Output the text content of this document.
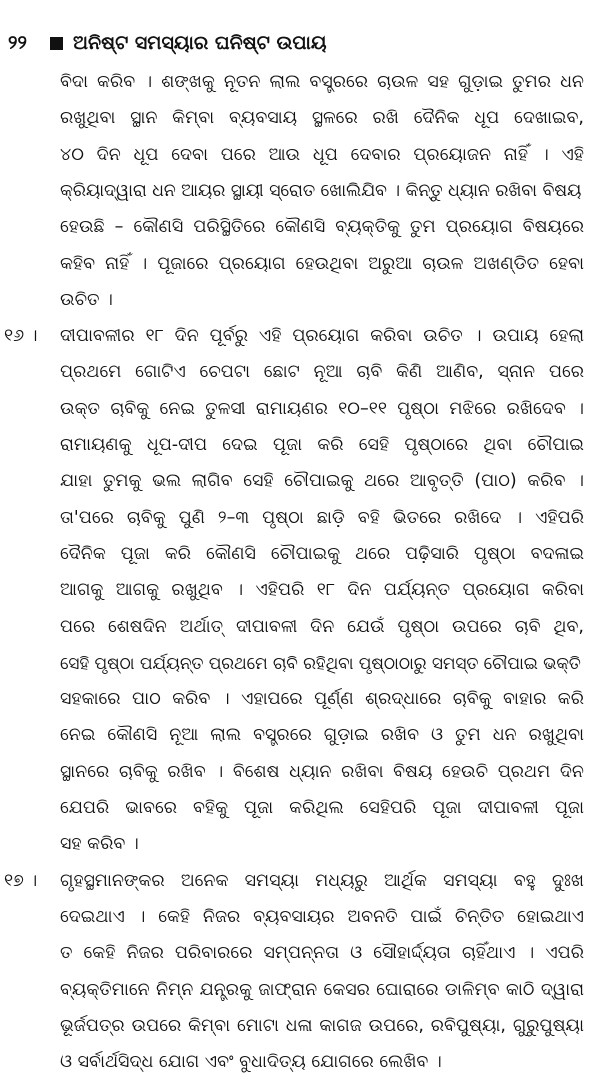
୨୨ ଅନିଷ୍ଟ ସମସ୍ୟାର ଘନିଷ୍ଟ ଉପାୟ
ବିଦା କରିବ । ଶଙ୍ଖକୁ ନୂତନ ଲାଲ ବସ୍ତ୍ରରେ ଚାଉଳ ସହ ଗୁଡ଼ାଇ ତୁମର ଧନ
ରଖୁଥିବା ସ୍ଥାନ କିମ୍ବା ବ୍ୟବସାୟ ସ୍ଥଳରେ ରଖି ଦୈନିକ ଧୂପ ଦେଖାଇବ,
୪୦ ଦିନ ଧୂପ ଦେବା ପରେ ଆଉ ଧୂପ ଦେବାର ପ୍ରୟୋଜନ ନାହିଁ । ଏହି
କ୍ରିୟାଦ୍ୱାରା ଧନ ଆୟର ସ୍ଥାୟୀ ସ୍ରୋତ ଖୋଲିଯିବ । କିନ୍ତୁ ଧ୍ୟାନ ରଖିବା ବିଷୟ
ହେଉଛି – କୌଣସି ପରିସ୍ଥିତିରେ କୌଣସି ବ୍ୟକ୍ତିକୁ ତୁମ ପ୍ରୟୋଗ ବିଷୟରେ
କହିବ ନାହିଁ । ପୂଜାରେ ପ୍ରୟୋଗ ହେଉଥିବା ଅରୁଆ ଚାଉଳ ଅଖଣ୍ଡିତ ହେବା
ଉଚିତ ।
୧୬ । ଦୀପାବଳୀର ୧୮ ଦିନ ପୂର୍ବରୁ ଏହି ପ୍ରୟୋଗ କରିବା ଉଚିତ । ଉପାୟ ହେଲା
ପ୍ରଥମେ ଗୋଟିଏ ଚେପଟା ଛୋଟ ନୂଆ ଚାବି କିଣି ଆଣିବ, ସ୍ନାନ ପରେ
ଉକ୍ତ ଚାବିକୁ ନେଇ ତୁଳସୀ ରାମାୟଣର ୧୦–୧୧ ପୃଷ୍ଠା ମଝିରେ ରଖିଦେବ ।
ରାମାୟଣକୁ ଧୂପ-ଦୀପ ଦେଇ ପୂଜା କରି ସେହି ପୃଷ୍ଠାରେ ଥିବା ଚୌପାଇ
ଯାହା ତୁମକୁ ଭଲ ଲାଗିବ ସେହି ଚୌପାଇକୁ ଥରେ ଆବୃତ୍ତି (ପାଠ) କରିବ ।
ତା'ପରେ ଚାବିକୁ ପୁଣି ୨–୩ ପୃଷ୍ଠା ଛାଡ଼ି ବହି ଭିତରେ ରଖିଦେ । ଏହିପରି
ଦୈନିକ ପୂଜା କରି କୌଣସି ଚୌପାଇକୁ ଥରେ ପଢ଼ିସାରି ପୃଷ୍ଠା ବଦଳାଇ
ଆଗକୁ ଆଗକୁ ରଖୁଥିବ । ଏହିପରି ୧୮ ଦିନ ପର୍ଯ୍ୟନ୍ତ ପ୍ରୟୋଗ କରିବା
ପରେ ଶେଷଦିନ ଅର୍ଥାତ୍ ଦୀପାବଳୀ ଦିନ ଯେଉଁ ପୃଷ୍ଠା ଉପରେ ଚାବି ଥିବ,
ସେହି ପୃଷ୍ଠା ପର୍ଯ୍ୟନ୍ତ ପ୍ରଥମେ ଚାବି ରହିଥିବା ପୃଷ୍ଠାଠାରୁ ସମସ୍ତ ଚୌପାଇ ଭକ୍ତି
ସହକାରେ ପାଠ କରିବ । ଏହାପରେ ପୂର୍ଣ୍ଣ ଶ୍ରଦ୍ଧାରେ ଚାବିକୁ ବାହାର କରି
ନେଇ କୌଣସି ନୂଆ ଲାଲ ବସ୍ତ୍ରରେ ଗୁଡ଼ାଇ ରଖିବ ଓ ତୁମ ଧନ ରଖୁଥିବା
ସ୍ଥାନରେ ଚାବିକୁ ରଖିବ । ବିଶେଷ ଧ୍ୟାନ ରଖିବା ବିଷୟ ହେଉଚି ପ୍ରଥମ ଦିନ
ଯେପରି ଭାବରେ ବହିକୁ ପୂଜା କରିଥିଲ ସେହିପରି ପୂଜା ଦୀପାବଳୀ ପୂଜା
ସହ କରିବ ।
୧୭ । ଗୃହସ୍ଥମାନଙ୍କର ଅନେକ ସମସ୍ୟା ମଧ୍ୟରୁ ଆର୍ଥିକ ସମସ୍ୟା ବହୁ ଦୁଃଖ
ଦେଇଥାଏ । କେହି ନିଜର ବ୍ୟବସାୟର ଅବନତି ପାଇଁ ଚିନ୍ତିତ ହୋଇଥାଏ
ତ କେହି ନିଜର ପରିବାରରେ ସମ୍ପନ୍ନତା ଓ ସୌହାର୍ଦ୍ଦ୍ୟତା ଚାହିଁଥାଏ । ଏପରି
ବ୍ୟକ୍ତିମାନେ ନିମ୍ନ ଯନ୍ତ୍ରକୁ ଜାଫ୍ରାନ କେସର ଘୋରାରେ ଡାଳିମ୍ବ କାଠି ଦ୍ୱାରା
ଭୂର୍ଜପତ୍ର ଉପରେ କିମ୍ବା ମୋଟା ଧଳା କାଗଜ ଉପରେ, ରବିପୁଷ୍ୟା, ଗୁରୁପୁଷ୍ୟା
ଓ ସର୍ବାର୍ଥସିଦ୍ଧ ଯୋଗ ଏବଂ ବୁଧାଦିତ୍ୟ ଯୋଗରେ ଲେଖିବ ।
